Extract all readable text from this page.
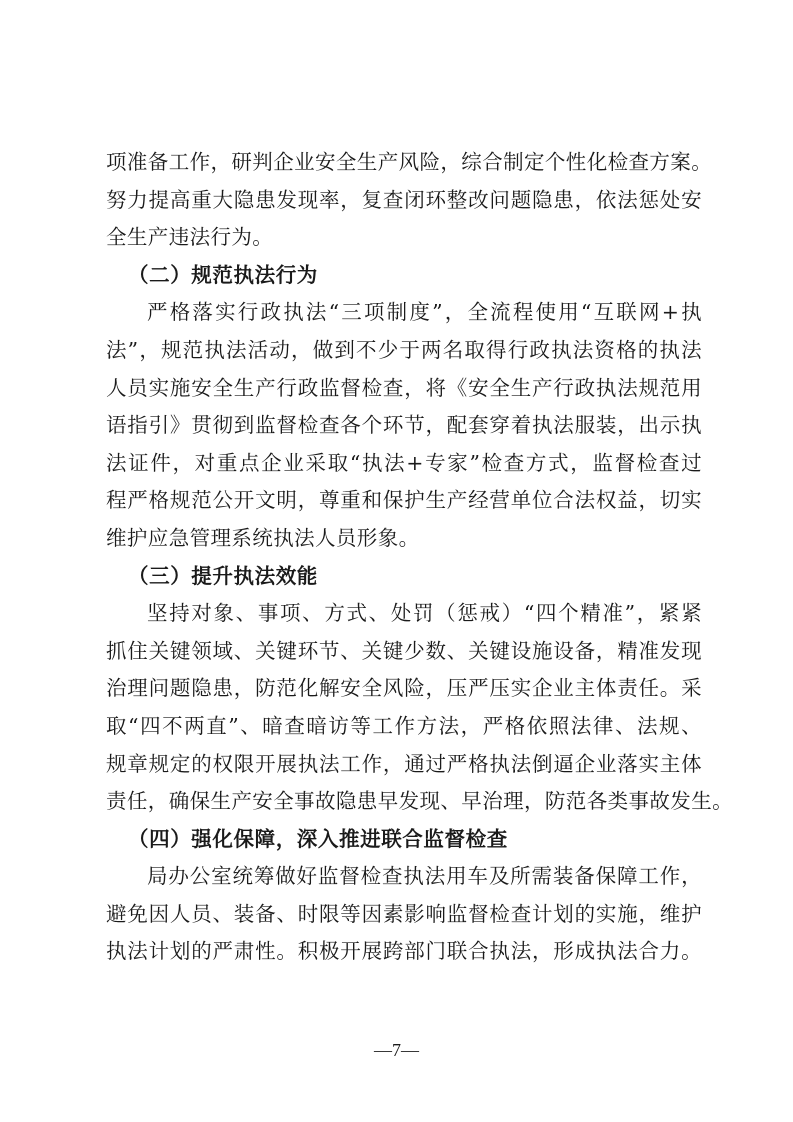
项准备工作，研判企业安全生产风险，综合制定个性化检查方案。
努力提高重大隐患发现率，复查闭环整改问题隐患，依法惩处安
全生产违法行为。
（二）规范执法行为
严格落实行政执法“三项制度”，全流程使用“互联网+执
法”，规范执法活动，做到不少于两名取得行政执法资格的执法
人员实施安全生产行政监督检查，将《安全生产行政执法规范用
语指引》贯彻到监督检查各个环节，配套穿着执法服装，出示执
法证件，对重点企业采取“执法+专家”检查方式，监督检查过
程严格规范公开文明，尊重和保护生产经营单位合法权益，切实
维护应急管理系统执法人员形象。
（三）提升执法效能
坚持对象、事项、方式、处罚（惩戒）“四个精准”，紧紧
抓住关键领域、关键环节、关键少数、关键设施设备，精准发现
治理问题隐患，防范化解安全风险，压严压实企业主体责任。采
取“四不两直”、暗查暗访等工作方法，严格依照法律、法规、
规章规定的权限开展执法工作，通过严格执法倒逼企业落实主体
责任，确保生产安全事故隐患早发现、早治理，防范各类事故发生。
（四）强化保障，深入推进联合监督检查
局办公室统筹做好监督检查执法用车及所需装备保障工作，
避免因人员、装备、时限等因素影响监督检查计划的实施，维护
执法计划的严肃性。积极开展跨部门联合执法，形成执法合力。
—7—
